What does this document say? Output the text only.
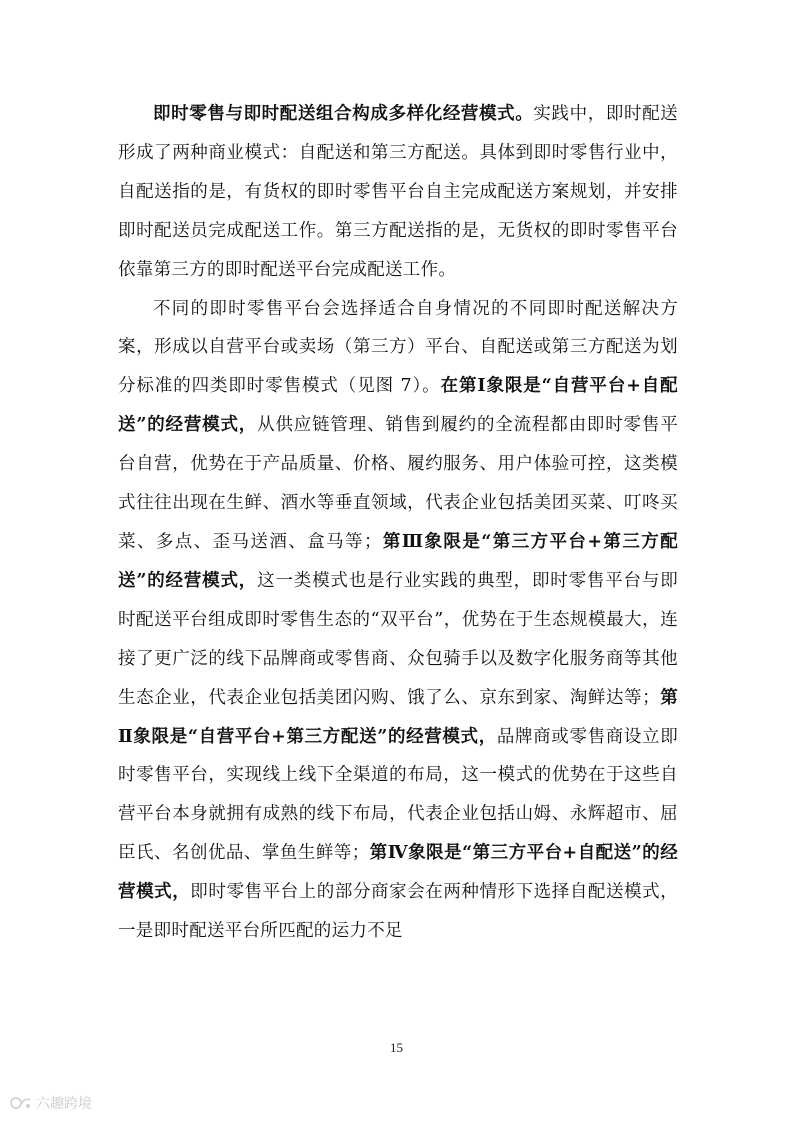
即时零售与即时配送组合构成多样化经营模式。实践中，即时配送形成了两种商业模式：自配送和第三方配送。具体到即时零售行业中，自配送指的是，有货权的即时零售平台自主完成配送方案规划，并安排即时配送员完成配送工作。第三方配送指的是，无货权的即时零售平台依靠第三方的即时配送平台完成配送工作。

不同的即时零售平台会选择适合自身情况的不同即时配送解决方案，形成以自营平台或卖场（第三方）平台、自配送或第三方配送为划分标准的四类即时零售模式（见图 7）。在第Ⅰ象限是“自营平台+自配送”的经营模式，从供应链管理、销售到履约的全流程都由即时零售平台自营，优势在于产品质量、价格、履约服务、用户体验可控，这类模式往往出现在生鲜、酒水等垂直领域，代表企业包括美团买菜、叮咚买菜、多点、歪马送酒、盒马等；第Ⅲ象限是“第三方平台+第三方配送”的经营模式，这一类模式也是行业实践的典型，即时零售平台与即时配送平台组成即时零售生态的“双平台”，优势在于生态规模最大，连接了更广泛的线下品牌商或零售商、众包骑手以及数字化服务商等其他生态企业，代表企业包括美团闪购、饿了么、京东到家、淘鲜达等；第Ⅱ象限是“自营平台+第三方配送”的经营模式，品牌商或零售商设立即时零售平台，实现线上线下全渠道的布局，这一模式的优势在于这些自营平台本身就拥有成熟的线下布局，代表企业包括山姆、永辉超市、屈臣氏、名创优品、掌鱼生鲜等；第Ⅳ象限是“第三方平台+自配送”的经营模式，即时零售平台上的部分商家会在两种情形下选择自配送模式，一是即时配送平台所匹配的运力不足

15
六趣跨境
